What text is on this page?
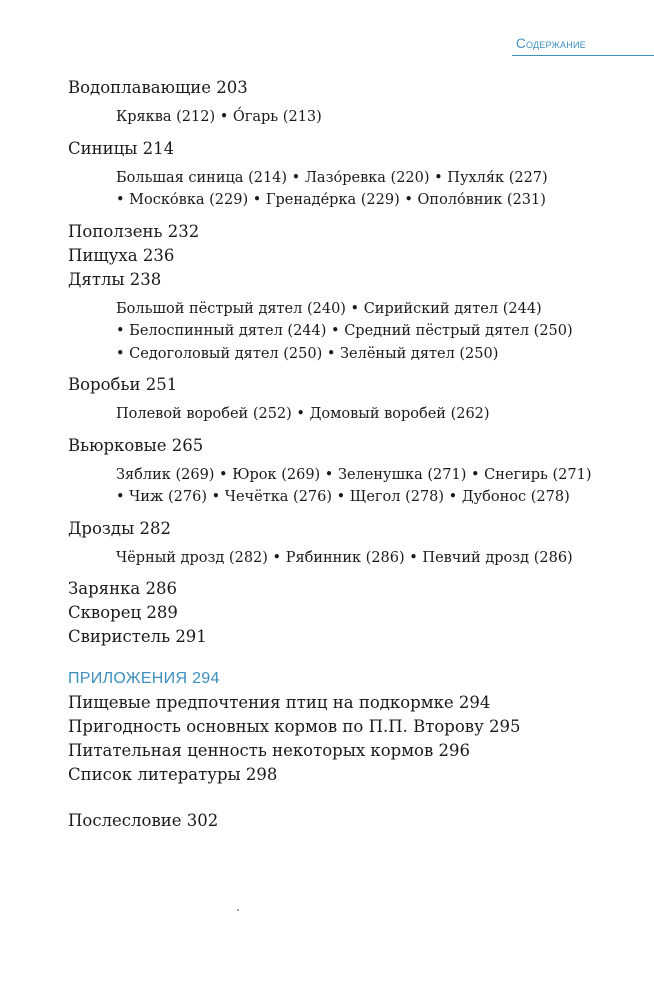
Содержание
Водоплавающие 203
Кряква (212) • О́гарь (213)
Синицы 214
Большая синица (214) • Лазо́ревка (220) • Пухля́к (227)
• Моско́вка (229) • Гренаде́рка (229) • Ополо́вник (231)
Поползень 232
Пищуха 236
Дятлы 238
Большой пёстрый дятел (240) • Сирийский дятел (244)
• Белоспинный дятел (244) • Средний пёстрый дятел (250)
• Седоголовый дятел (250) • Зелёный дятел (250)
Воробьи 251
Полевой воробей (252) • Домовый воробей (262)
Вьюрковые 265
Зяблик (269) • Юрок (269) • Зеленушка (271) • Снегирь (271)
• Чиж (276) • Чечётка (276) • Щегол (278) • Дубонос (278)
Дрозды 282
Чёрный дрозд (282) • Рябинник (286) • Певчий дрозд (286)
Зарянка 286
Скворец 289
Свиристель 291
ПРИЛОЖЕНИЯ 294
Пищевые предпочтения птиц на подкормке 294
Пригодность основных кормов по П.П. Второву 295
Питательная ценность некоторых кормов 296
Список литературы 298
Послесловие 302
